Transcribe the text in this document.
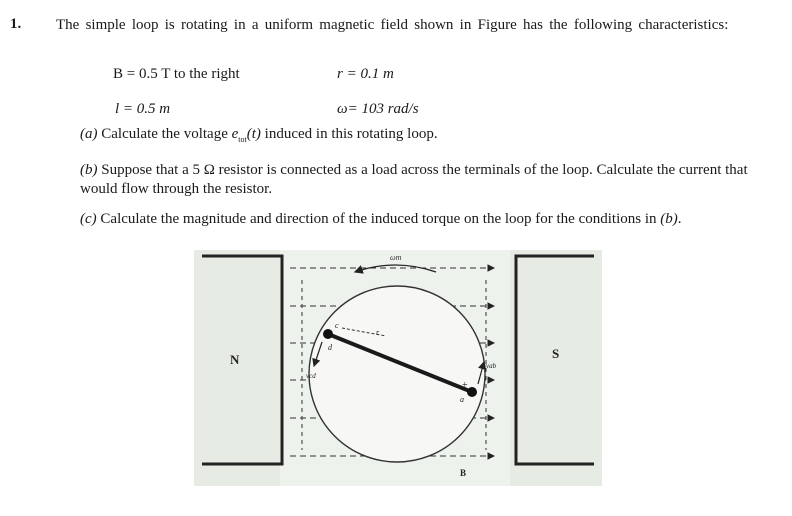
1. The simple loop is rotating in a uniform magnetic field shown in Figure has the following characteristics:
B = 0.5 T to the right	r = 0.1 m
l = 0.5 m	ω= 103 rad/s
(a) Calculate the voltage $e_{tot}(t)$ induced in this rotating loop.
(b) Suppose that a 5 Ω resistor is connected as a load across the terminals of the loop. Calculate the current that would flow through the resistor.
(c) Calculate the magnitude and direction of the induced torque on the loop for the conditions in (b).
ωm
r
c
d
a
vcd
vab
+
N	S
B
